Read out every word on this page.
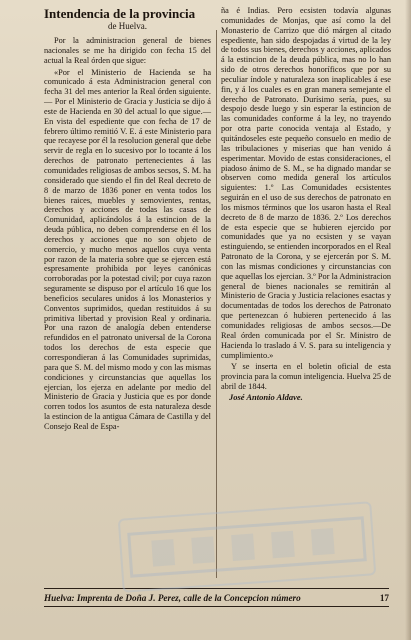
Intendencia de la provincia

de Huelva.

Por la administracion general de bienes nacionales se me ha dirigido con fecha 15 del actual la Real órden que sigue:

«Por el Ministerio de Hacienda se ha comunicado á esta Administracion general con fecha 31 del mes anterior la Real órden siguiente.— Por el Ministerio de Gracia y Justicia se dijo á este de Hacienda en 30 del actual lo que sigue.—En vista del espediente que con fecha de 17 de febrero último remitió V. E. á este Ministerio para que recayese por él la resolucion general que debe servir de regla en lo sucesivo por lo tocante á los derechos de patronato pertenecientes á las comunidades religiosas de ambos secsos, S. M. ha considerado que siendo el fin del Real decreto de 8 de marzo de 1836 poner en venta todos los bienes raices, muebles y semovientes, rentas, derechos y acciones de todas las casas de Comunidad, aplicándolos á la estincion de la deuda pública, no deben comprenderse en él los derechos y acciones que no son objeto de comercio, y mucho menos aquellos cuya venta por razon de la materia sobre que se ejercen está espresamente prohibida por leyes canónicas corroboradas por la potestad civil; por cuya razon seguramente se dispuso por el artículo 16 que los beneficios seculares unidos á los Monasterios y Conventos suprimidos, quedan restituidos á su primitiva libertad y provision Real y ordinaria. Por una razon de analogía deben entenderse refundidos en el patronato universal de la Corona todos los derechos de esta especie que correspondieran á las Comunidades suprimidas, para que S. M. del mismo modo y con las mismas condiciones y circunstancias que aquellas los ejercian, los ejerza en adelante por medio del Ministerio de Gracia y Justicia que es por donde corren todos los asuntos de esta naturaleza desde la estincion de la antigua Cámara de Castilla y del Consejo Real de Espa-

ña é Indias. Pero ecsisten todavía algunas comunidades de Monjas, que así como la del Monasterio de Carrizo que dió márgen al citado espediente, han sido despojadas á virtud de la ley de todos sus bienes, derechos y acciones, aplicados á la estincion de la deuda pública, mas no lo han sido de otros derechos honoríficos que por su peculiar índole y naturaleza son inaplicables á ese fin, y á los cuales es en gran manera semejante el derecho de Patronato. Durísimo sería, pues, su despojo desde luego y sin esperar la estincion de las comunidades conforme á la ley, no trayendo por otra parte conocida ventaja al Estado, y quitándoseles este pequeño consuelo en medio de las tribulaciones y miserias que han venido á esperimentar. Movido de estas consideraciones, el piadoso ánimo de S. M., se ha dignado mandar se observen como medida general los artículos siguientes: 1.º Las Comunidades ecsistentes seguirán en el uso de sus derechos de patronato en los mismos términos que los usaron hasta el Real decreto de 8 de marzo de 1836. 2.º Los derechos de esta especie que se hubieren ejercido por comunidades que ya no ecsisten y se vayan estinguiendo, se entienden incorporados en el Real Patronato de la Corona, y se ejercerán por S. M. con las mismas condiciones y circunstancias con que aquellas los ejercian. 3.º Por la Administracion general de bienes nacionales se remitirán al Ministerio de Gracia y Justicia relaciones esactas y documentadas de todos los derechos de Patronato que pertenezcan ó hubieren pertenecido á las comunidades religiosas de ambos secsos.—De Real órden comunicada por el Sr. Ministro de Hacienda lo traslado á V. S. para su inteligencia y cumplimiento.»

Y se inserta en el boletin oficial de esta provincia para la comun inteligencia. Huelva 25 de abril de 1844.

José Antonio Aldave.

Huelva: Imprenta de Doña J. Perez, calle de la Concepcion número	17
